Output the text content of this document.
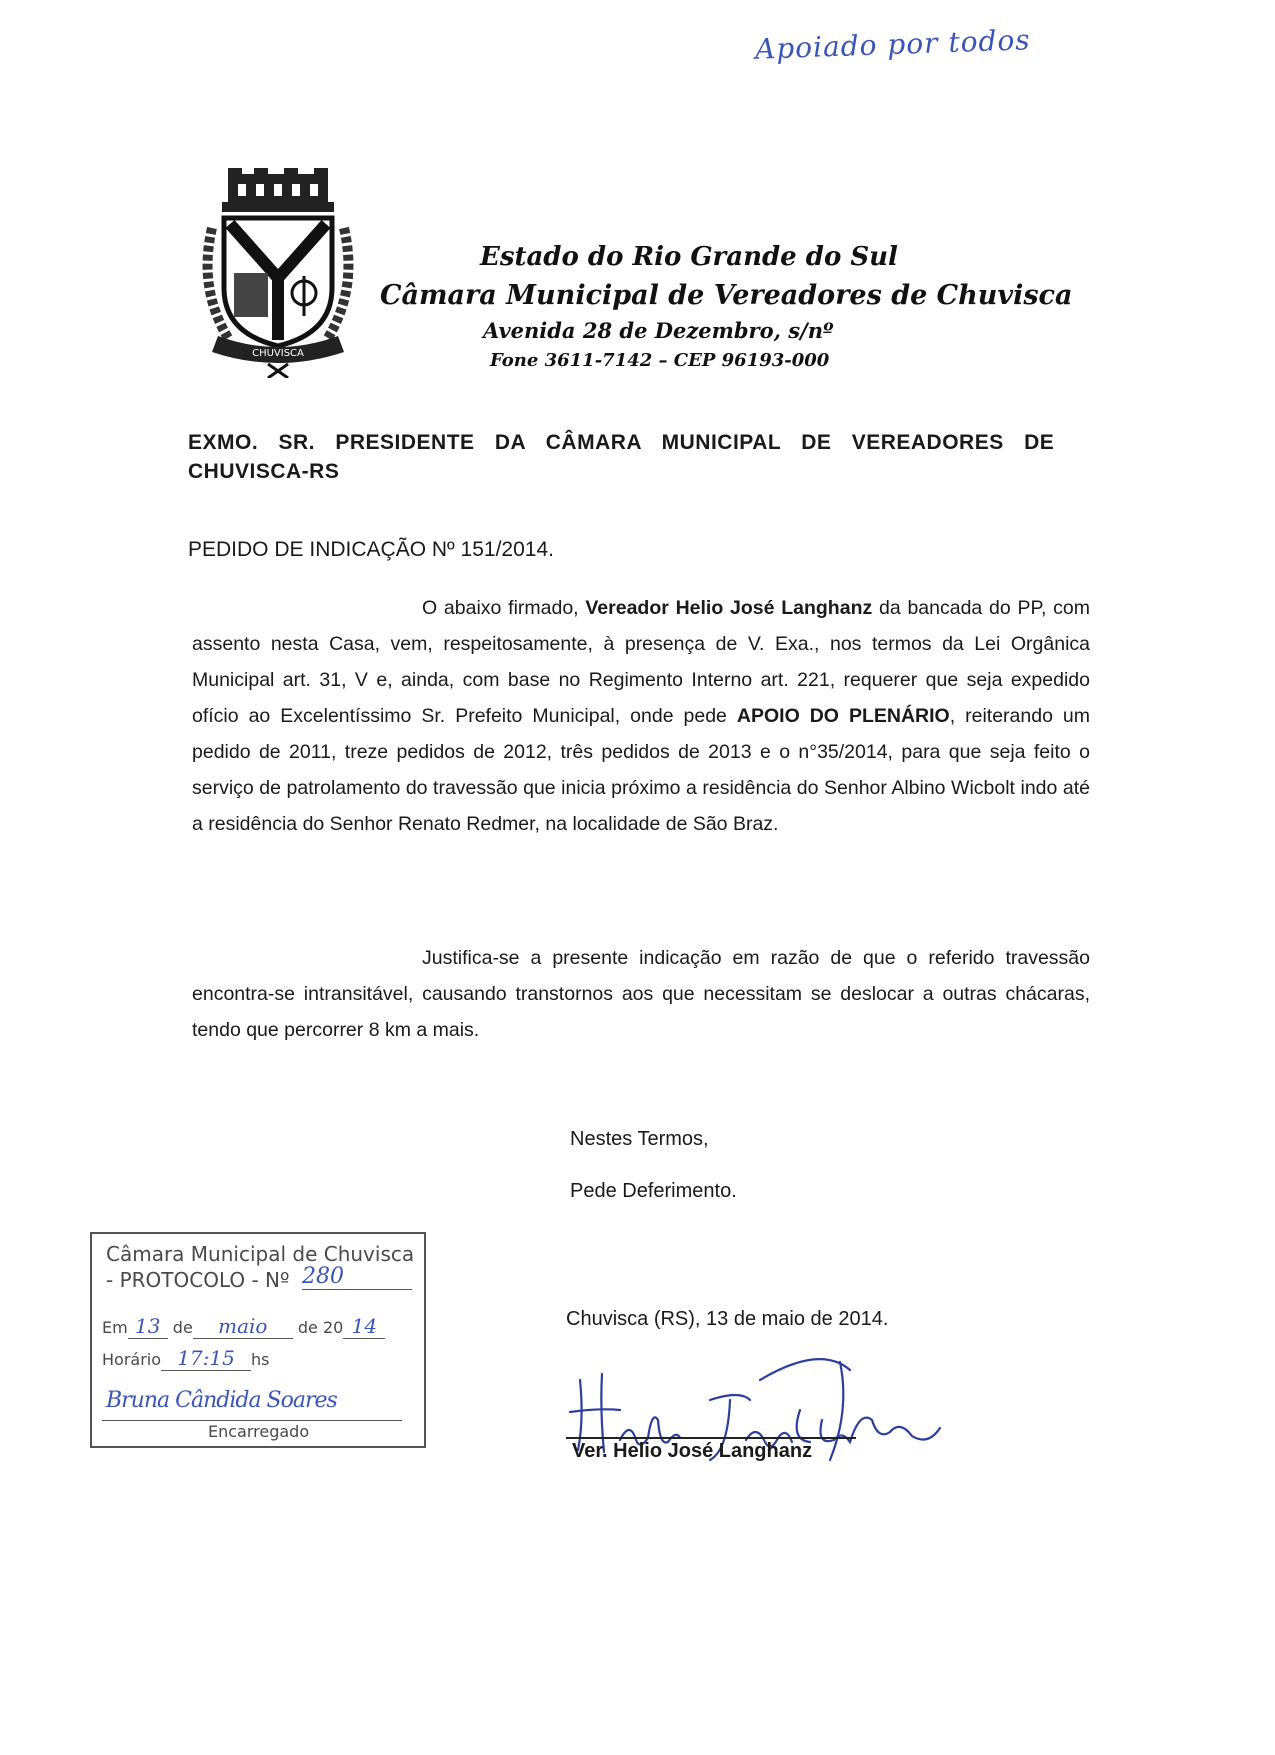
Apoiado por todos
CHUVISCA
Estado do Rio Grande do Sul
Câmara Municipal de Vereadores de Chuvisca
Avenida 28 de Dezembro, s/nº
Fone 3611-7142 – CEP 96193-000
EXMO. SR. PRESIDENTE DA CÂMARA MUNICIPAL DE VEREADORES DE CHUVISCA-RS
PEDIDO DE INDICAÇÃO Nº 151/2014.
O abaixo firmado, Vereador Helio José Langhanz da bancada do PP, com assento nesta Casa, vem, respeitosamente, à presença de V. Exa., nos termos da Lei Orgânica Municipal art. 31, V e, ainda, com base no Regimento Interno art. 221, requerer que seja expedido ofício ao Excelentíssimo Sr. Prefeito Municipal, onde pede APOIO DO PLENÁRIO, reiterando um pedido de 2011, treze pedidos de 2012, três pedidos de 2013 e o n°35/2014, para que seja feito o serviço de patrolamento do travessão que inicia próximo a residência do Senhor Albino Wicbolt indo até a residência do Senhor Renato Redmer, na localidade de São Braz.
Justifica-se a presente indicação em razão de que o referido travessão encontra-se intransitável, causando transtornos aos que necessitam se deslocar a outras chácaras, tendo que percorrer 8 km a mais.
Nestes Termos,
Pede Deferimento.
Chuvisca (RS), 13 de maio de 2014.
Ver. Helio José Langhanz
Câmara Municipal de Chuvisca
- PROTOCOLO - Nº 280
Em 13 de maio de 20 14
Horário 17:15 hs
Bruna Cândida Soares
Encarregado
